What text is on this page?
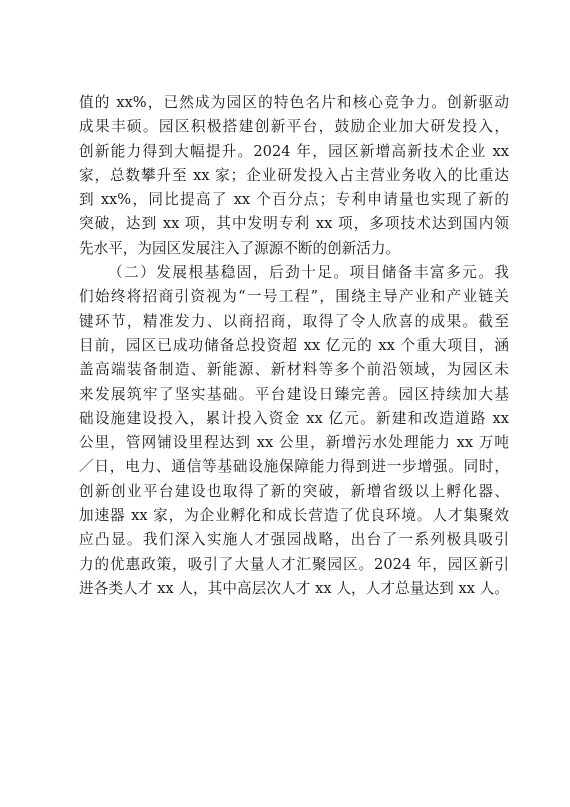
值的 xx%，已然成为园区的特色名片和核心竞争力。创新驱动
成果丰硕。园区积极搭建创新平台，鼓励企业加大研发投入，
创新能力得到大幅提升。2024 年，园区新增高新技术企业 xx
家，总数攀升至 xx 家；企业研发投入占主营业务收入的比重达
到 xx%，同比提高了 xx 个百分点；专利申请量也实现了新的
突破，达到 xx 项，其中发明专利 xx 项，多项技术达到国内领
先水平，为园区发展注入了源源不断的创新活力。
（二）发展根基稳固，后劲十足。项目储备丰富多元。我
们始终将招商引资视为“一号工程”，围绕主导产业和产业链关
键环节，精准发力、以商招商，取得了令人欣喜的成果。截至
目前，园区已成功储备总投资超 xx 亿元的 xx 个重大项目，涵
盖高端装备制造、新能源、新材料等多个前沿领域，为园区未
来发展筑牢了坚实基础。平台建设日臻完善。园区持续加大基
础设施建设投入，累计投入资金 xx 亿元。新建和改造道路 xx
公里，管网铺设里程达到 xx 公里，新增污水处理能力 xx 万吨
／日，电力、通信等基础设施保障能力得到进一步增强。同时，
创新创业平台建设也取得了新的突破，新增省级以上孵化器、
加速器 xx 家，为企业孵化和成长营造了优良环境。人才集聚效
应凸显。我们深入实施人才强园战略，出台了一系列极具吸引
力的优惠政策，吸引了大量人才汇聚园区。2024 年，园区新引
进各类人才 xx 人，其中高层次人才 xx 人，人才总量达到 xx 人。
